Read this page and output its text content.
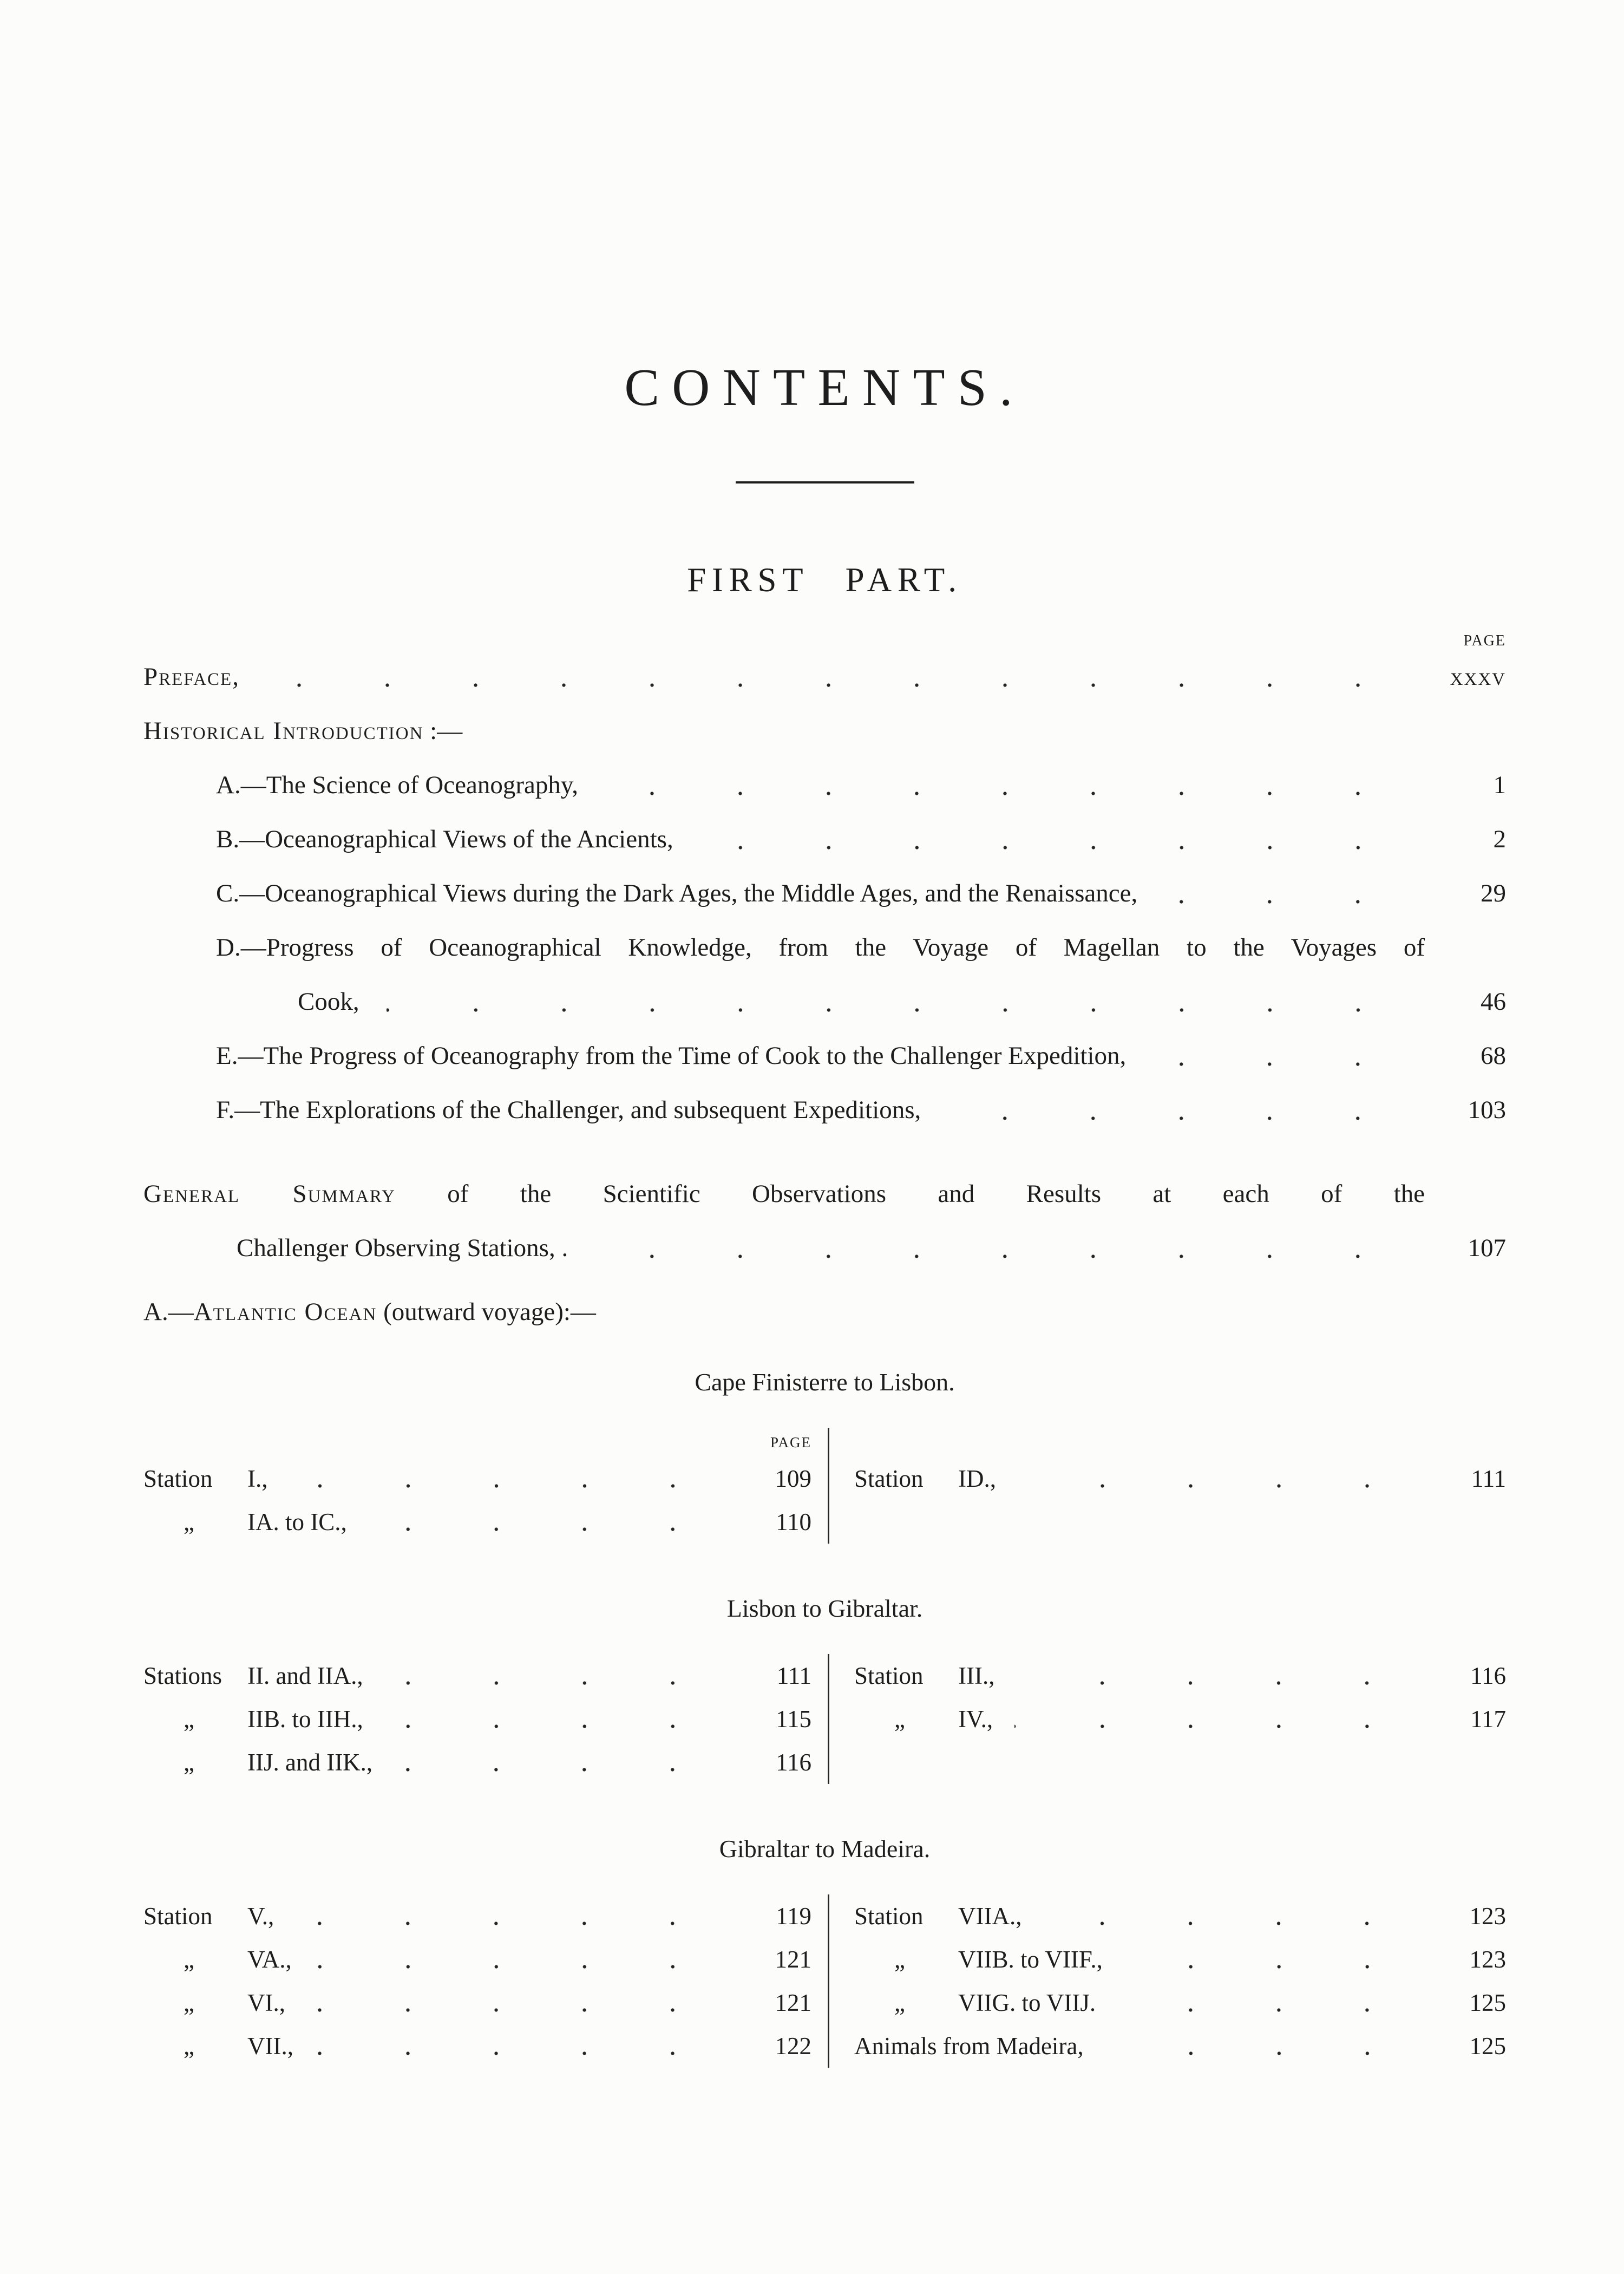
CONTENTS.
FIRST PART.
PAGE
Preface,	xxxv
Historical Introduction :—
A.—The Science of Oceanography,	1
B.—Oceanographical Views of the Ancients,	2
C.—Oceanographical Views during the Dark Ages, the Middle Ages, and the Renaissance,	29
D.—Progress of Oceanographical Knowledge, from the Voyage of Magellan to the Voyages of
Cook,	46
E.—The Progress of Oceanography from the Time of Cook to the Challenger Expedition,	68
F.—The Explorations of the Challenger, and subsequent Expeditions,	103
General Summary of the Scientific Observations and Results at each of the
Challenger Observing Stations, .	107
A.—Atlantic Ocean (outward voyage):—
Cape Finisterre to Lisbon.
PAGE
Station	I.,	109
„	IA. to IC.,	110
Station	ID.,	111
Lisbon to Gibraltar.
Stations	II. and IIA.,	111
„	IIB. to IIH.,	115
„	IIJ. and IIK.,	116
Station	III.,	116
„	IV.,	117
Gibraltar to Madeira.
Station	V.,	119
„	VA.,	121
„	VI.,	121
„	VII.,	122
Station	VIIA.,	123
„	VIIB. to VIIF.,	123
„	VIIG. to VIIJ.	125
Animals from Madeira,	125
